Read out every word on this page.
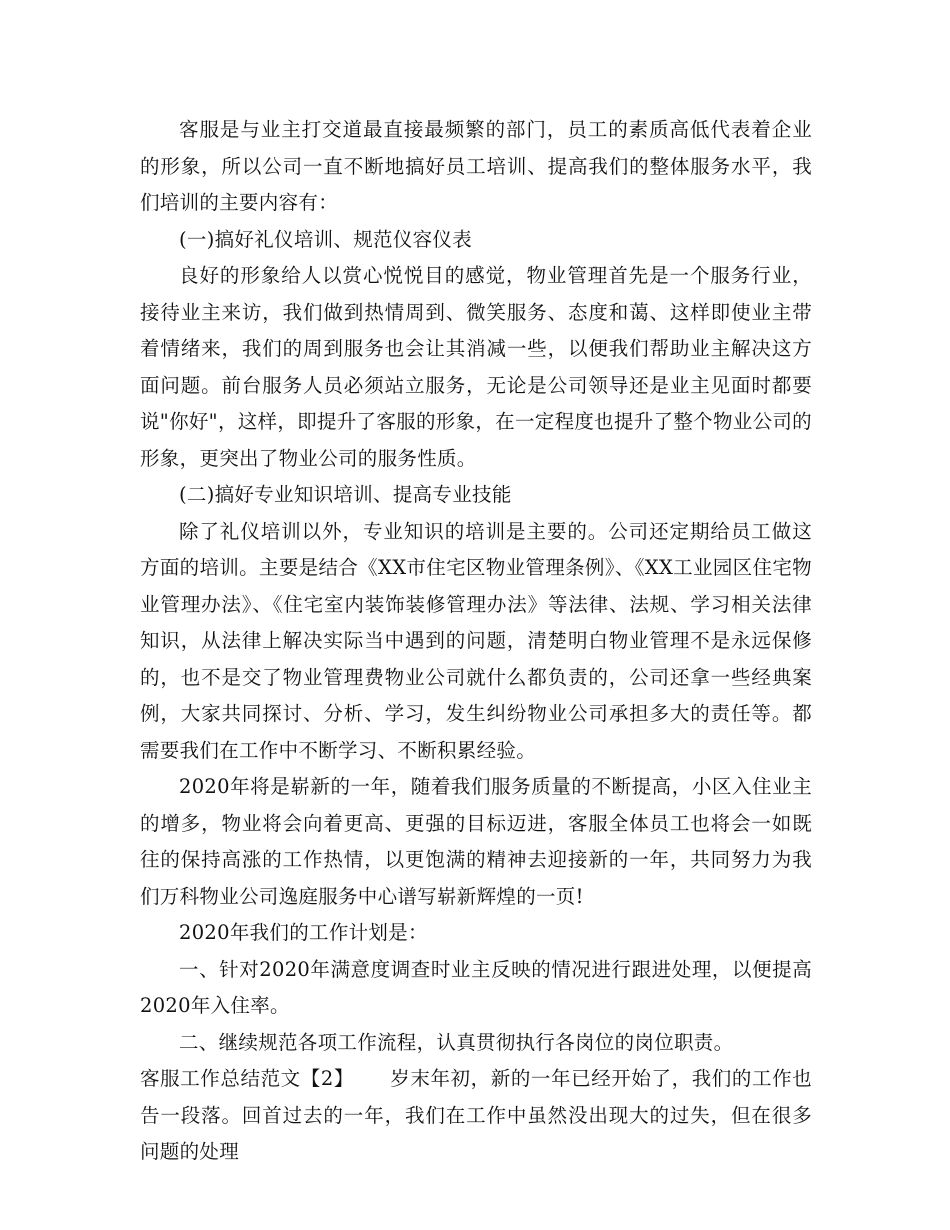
客服是与业主打交道最直接最频繁的部门，员工的素质高低代表着企业的形象，所以公司一直不断地搞好员工培训、提高我们的整体服务水平，我们培训的主要内容有：

(一)搞好礼仪培训、规范仪容仪表

良好的形象给人以赏心悦悦目的感觉，物业管理首先是一个服务行业，接待业主来访，我们做到热情周到、微笑服务、态度和蔼、这样即使业主带着情绪来，我们的周到服务也会让其消减一些，以便我们帮助业主解决这方面问题。前台服务人员必须站立服务，无论是公司领导还是业主见面时都要说"你好"，这样，即提升了客服的形象，在一定程度也提升了整个物业公司的形象，更突出了物业公司的服务性质。

(二)搞好专业知识培训、提高专业技能

除了礼仪培训以外，专业知识的培训是主要的。公司还定期给员工做这方面的培训。主要是结合《XX市住宅区物业管理条例》、《XX工业园区住宅物业管理办法》、《住宅室内装饰装修管理办法》等法律、法规、学习相关法律知识，从法律上解决实际当中遇到的问题，清楚明白物业管理不是永远保修的，也不是交了物业管理费物业公司就什么都负责的，公司还拿一些经典案例，大家共同探讨、分析、学习，发生纠纷物业公司承担多大的责任等。都需要我们在工作中不断学习、不断积累经验。

2020年将是崭新的一年，随着我们服务质量的不断提高，小区入住业主的增多，物业将会向着更高、更强的目标迈进，客服全体员工也将会一如既往的保持高涨的工作热情，以更饱满的精神去迎接新的一年，共同努力为我们万科物业公司逸庭服务中心谱写崭新辉煌的一页!

2020年我们的工作计划是：

一、针对2020年满意度调查时业主反映的情况进行跟进处理，以便提高2020年入住率。

二、继续规范各项工作流程，认真贯彻执行各岗位的岗位职责。

客服工作总结范文【2】 岁末年初，新的一年已经开始了，我们的工作也告一段落。回首过去的一年，我们在工作中虽然没出现大的过失，但在很多问题的处理
